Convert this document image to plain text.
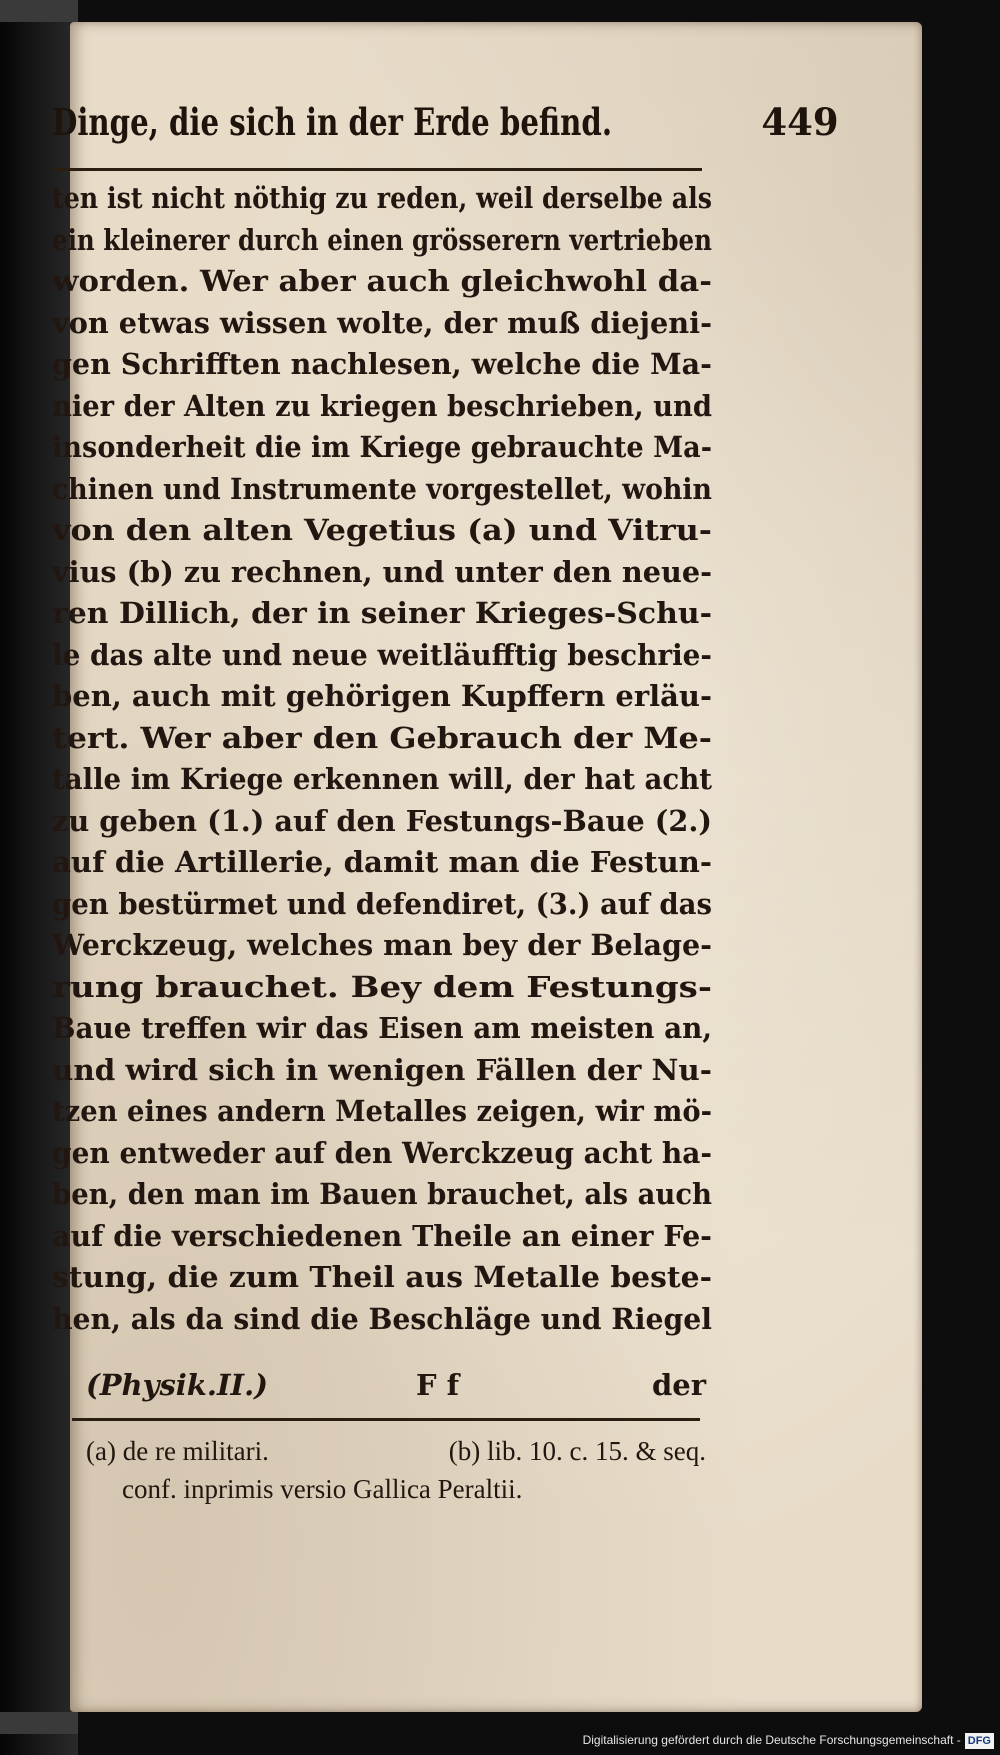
Dinge, die sich in der Erde befind.	449
ten ist nicht nöthig zu reden, weil derselbe als
ein kleinerer durch einen grösserern vertrieben
worden. Wer aber auch gleichwohl da-
von etwas wissen wolte, der muß diejeni-
gen Schrifften nachlesen, welche die Ma-
nier der Alten zu kriegen beschrieben, und
insonderheit die im Kriege gebrauchte Ma-
chinen und Instrumente vorgestellet, wohin
von den alten Vegetius (a) und Vitru-
vius (b) zu rechnen, und unter den neue-
ren Dillich, der in seiner Krieges-Schu-
le das alte und neue weitläufftig beschrie-
ben, auch mit gehörigen Kupffern erläu-
tert. Wer aber den Gebrauch der Me-
talle im Kriege erkennen will, der hat acht
zu geben (1.) auf den Festungs-Baue (2.)
auf die Artillerie, damit man die Festun-
gen bestürmet und defendiret, (3.) auf das
Werckzeug, welches man bey der Belage-
rung brauchet. Bey dem Festungs-
Baue treffen wir das Eisen am meisten an,
und wird sich in wenigen Fällen der Nu-
tzen eines andern Metalles zeigen, wir mö-
gen entweder auf den Werckzeug acht ha-
ben, den man im Bauen brauchet, als auch
auf die verschiedenen Theile an einer Fe-
stung, die zum Theil aus Metalle beste-
hen, als da sind die Beschläge und Riegel
(Physik.II.)	F f	der
(a) de re militari.	(b) lib. 10. c. 15. & seq.
conf. inprimis versio Gallica Peraltii.
Digitalisierung gefördert durch die Deutsche Forschungsgemeinschaft - DFG
